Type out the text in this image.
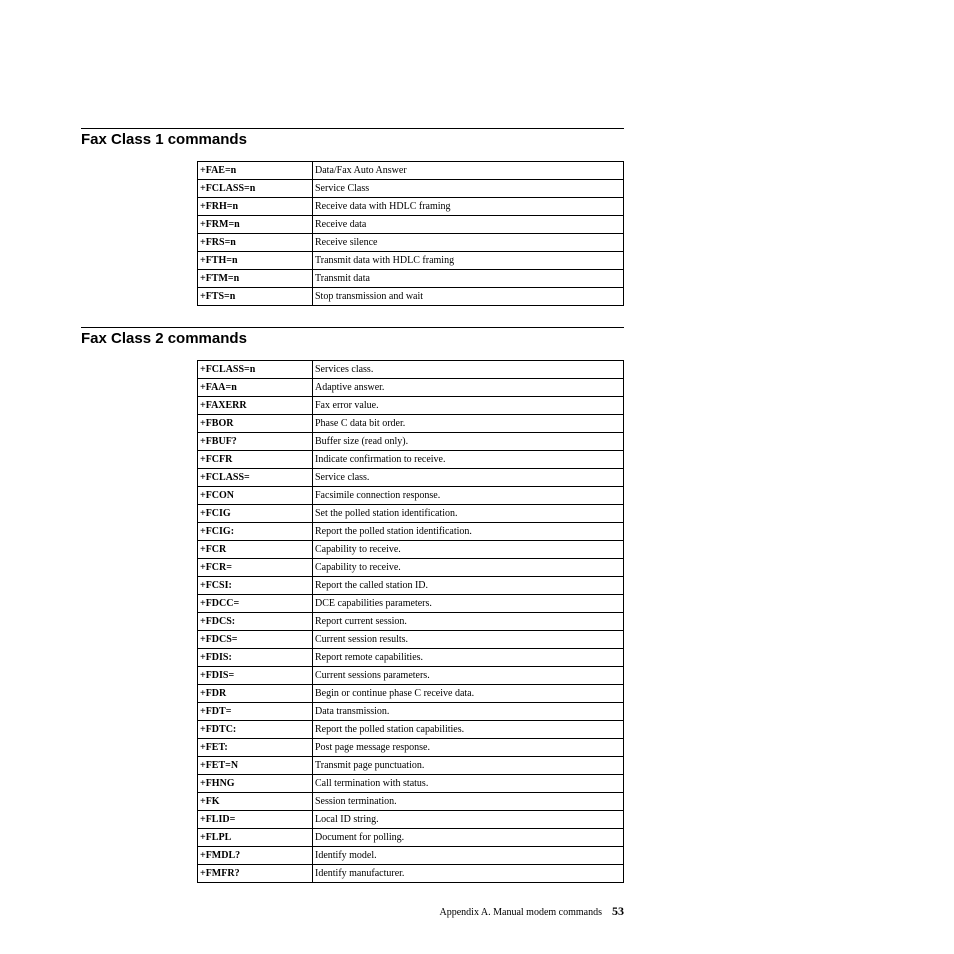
Fax Class 1 commands
+FAE=n	Data/Fax Auto Answer
+FCLASS=n	Service Class
+FRH=n	Receive data with HDLC framing
+FRM=n	Receive data
+FRS=n	Receive silence
+FTH=n	Transmit data with HDLC framing
+FTM=n	Transmit data
+FTS=n	Stop transmission and wait
Fax Class 2 commands
+FCLASS=n	Services class.
+FAA=n	Adaptive answer.
+FAXERR	Fax error value.
+FBOR	Phase C data bit order.
+FBUF?	Buffer size (read only).
+FCFR	Indicate confirmation to receive.
+FCLASS=	Service class.
+FCON	Facsimile connection response.
+FCIG	Set the polled station identification.
+FCIG:	Report the polled station identification.
+FCR	Capability to receive.
+FCR=	Capability to receive.
+FCSI:	Report the called station ID.
+FDCC=	DCE capabilities parameters.
+FDCS:	Report current session.
+FDCS=	Current session results.
+FDIS:	Report remote capabilities.
+FDIS=	Current sessions parameters.
+FDR	Begin or continue phase C receive data.
+FDT=	Data transmission.
+FDTC:	Report the polled station capabilities.
+FET:	Post page message response.
+FET=N	Transmit page punctuation.
+FHNG	Call termination with status.
+FK	Session termination.
+FLID=	Local ID string.
+FLPL	Document for polling.
+FMDL?	Identify model.
+FMFR?	Identify manufacturer.
Appendix A. Manual modem commands 53
